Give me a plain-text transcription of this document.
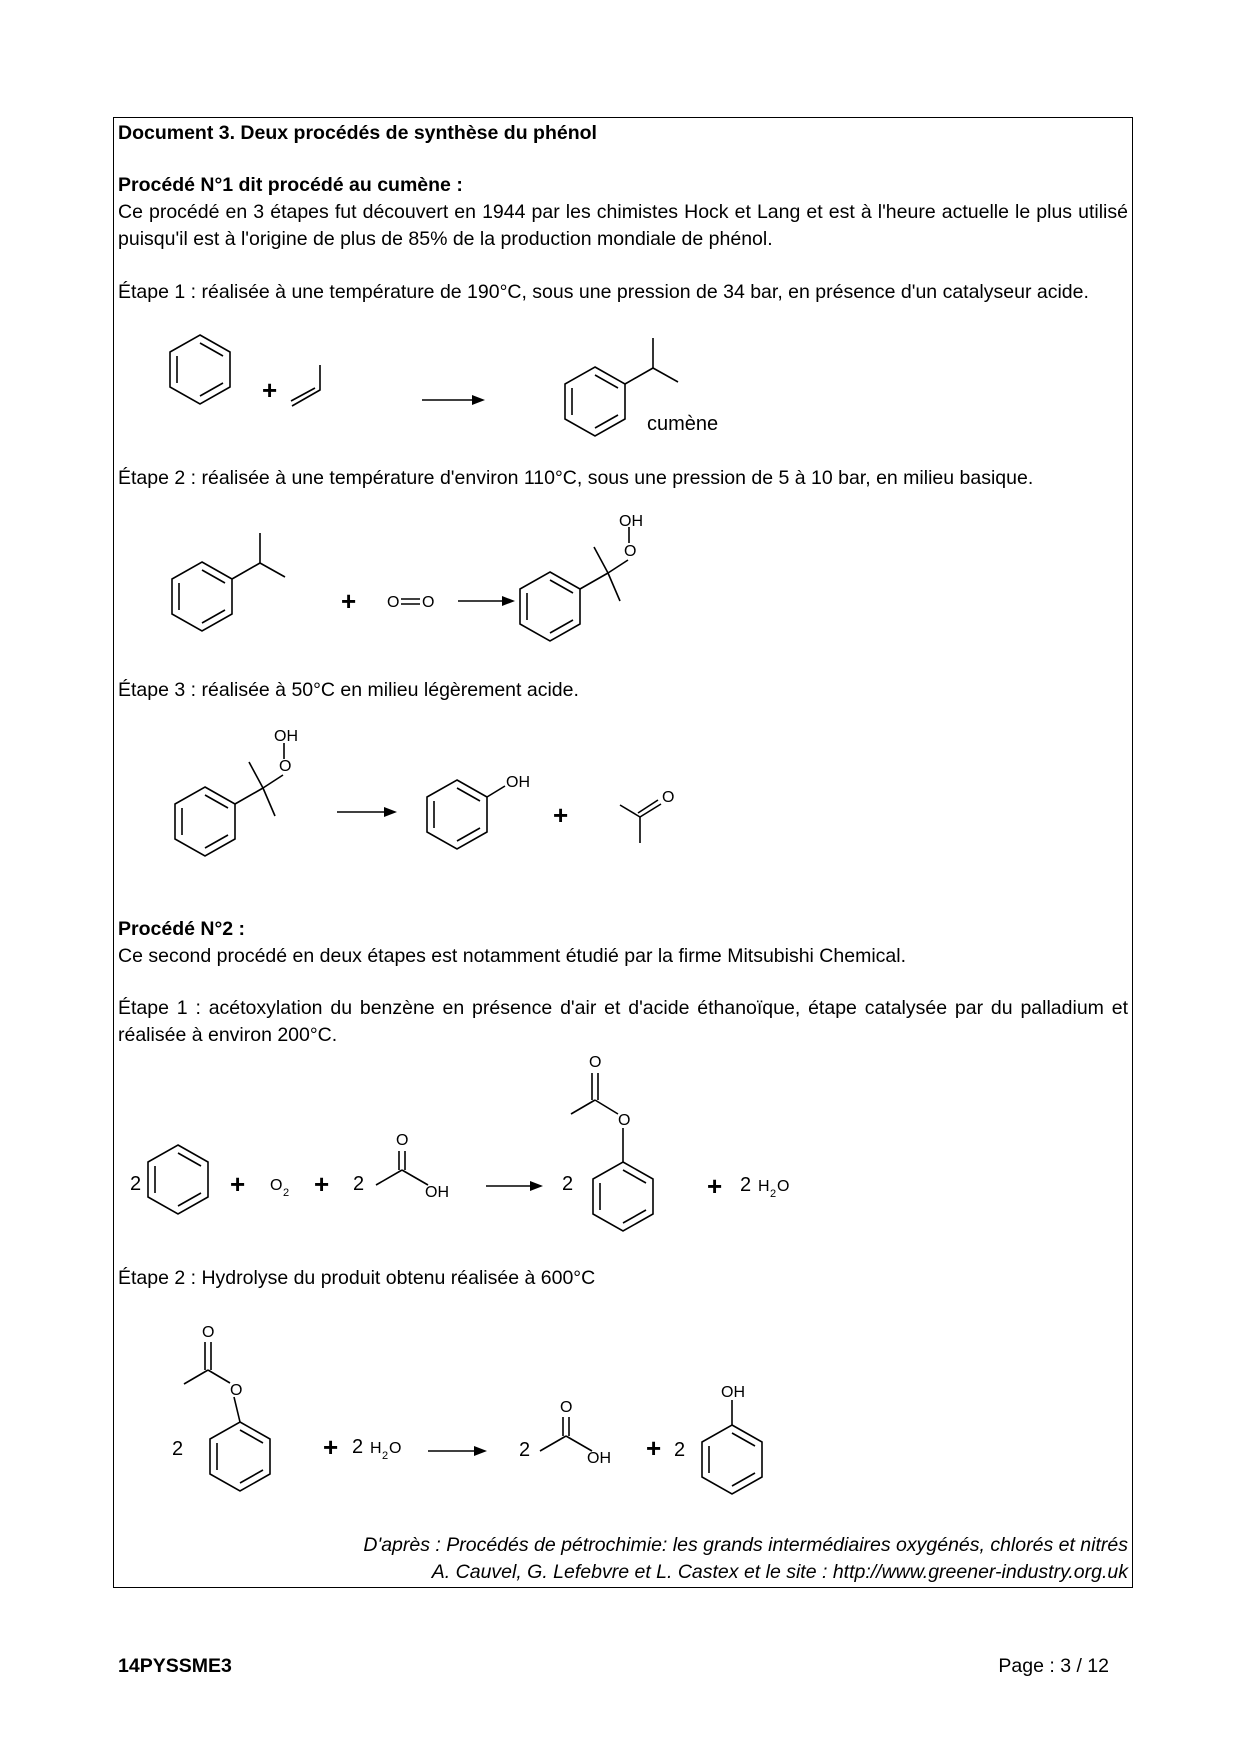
Document 3. Deux procédés de synthèse du phénol
Procédé N°1 dit procédé au cumène :
Ce procédé en 3 étapes fut découvert en 1944 par les chimistes Hock et Lang et est à l'heure actuelle le plus utilisé puisqu'il est à l'origine de plus de 85% de la production mondiale de phénol.
Étape 1 : réalisée à une température de 190°C, sous une pression de 34 bar, en présence d'un catalyseur acide.
Étape 2 : réalisée à une température d'environ 110°C, sous une pression de 5 à 10 bar, en milieu basique.
Étape 3 : réalisée à 50°C en milieu légèrement acide.
Procédé N°2 :
Ce second procédé en deux étapes est notamment étudié par la firme Mitsubishi Chemical.
Étape 1 : acétoxylation du benzène en présence d'air et d'acide éthanoïque, étape catalysée par du palladium et réalisée à environ 200°C.
Étape 2 : Hydrolyse du produit obtenu réalisée à 600°C
D'après : Procédés de pétrochimie: les grands intermédiaires oxygénés, chlorés et nitrés
A. Cauvel, G. Lefebvre et L. Castex et le site : http://www.greener-industry.org.uk
+
cumène
+ O O
O
OH
O
OH
OH
+
O
2	+ O 2 + 2
O
OH	2
O
O
+ 2 H 2 O
2
O
O
+ 2 H 2 O	2
O
OH + 2
OH
14PYSSME3	Page : 3 / 12
